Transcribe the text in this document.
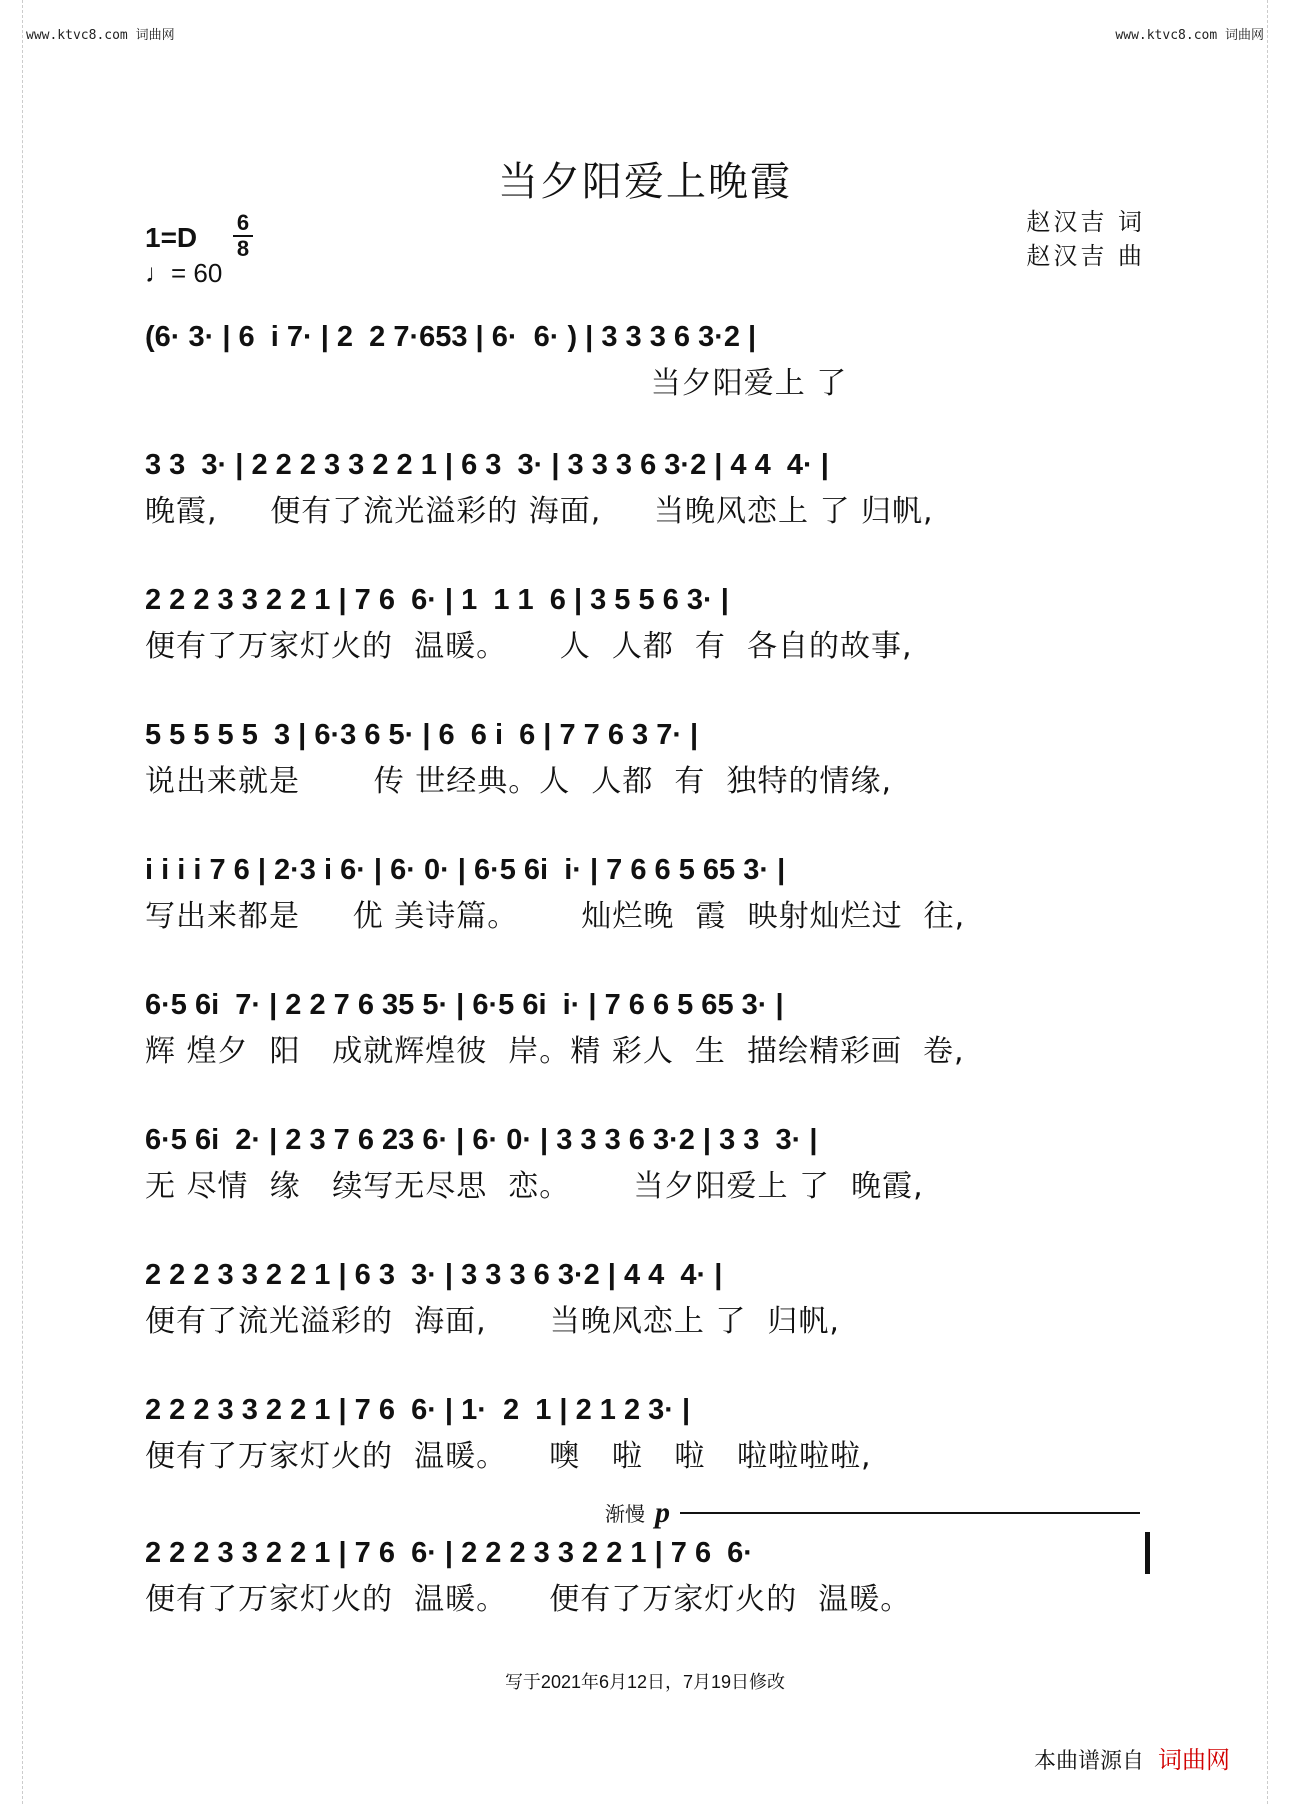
www.ktvc8.com 词曲网	www.ktvc8.com 词曲网
当夕阳爱上晚霞
赵汉吉 词
赵汉吉 曲
1=D 6
8
♩= 60
(6· 3· | 6  i 7· | 2  2 7·653 | 6·  6· ) | 3 3 3 6 3·2 |
当夕阳爱上 了
3 3  3· | 2 2 2 3 3 2 2 1 | 6 3  3· | 3 3 3 6 3·2 | 4 4  4· |
晚霞,     便有了流光溢彩的 海面,     当晚风恋上 了 归帆,
2 2 2 3 3 2 2 1 | 7 6  6· | 1  1 1  6 | 3 5 5 6 3· |
便有了万家灯火的  温暖。     人  人都  有  各自的故事,
5 5 5 5 5  3 | 6·3 6 5· | 6  6 i  6 | 7 7 6 3 7· |
说出来就是       传 世经典。人  人都  有  独特的情缘,
i i i i 7 6 | 2·3 i 6· | 6· 0· | 6·5 6i  i· | 7 6 6 5 65 3· |
写出来都是     优 美诗篇。      灿烂晚  霞  映射灿烂过  往,
6·5 6i  7· | 2 2 7 6 35 5· | 6·5 6i  i· | 7 6 6 5 65 3· |
辉 煌夕  阳   成就辉煌彼  岸。精 彩人  生  描绘精彩画  卷,
6·5 6i  2· | 2 3 7 6 23 6· | 6· 0· | 3 3 3 6 3·2 | 3 3  3· |
无 尽情  缘   续写无尽思  恋。      当夕阳爱上 了  晚霞,
2 2 2 3 3 2 2 1 | 6 3  3· | 3 3 3 6 3·2 | 4 4  4· |
便有了流光溢彩的  海面,      当晚风恋上 了  归帆,
2 2 2 3 3 2 2 1 | 7 6  6· | 1·  2  1 | 2 1 2 3· |
便有了万家灯火的  温暖。    噢   啦   啦   啦啦啦啦,
渐慢 p
2 2 2 3 3 2 2 1 | 7 6  6· | 2 2 2 3 3 2 2 1 | 7 6  6·
便有了万家灯火的  温暖。    便有了万家灯火的  温暖。
写于2021年6月12日，7月19日修改
本曲谱源自 词曲网
